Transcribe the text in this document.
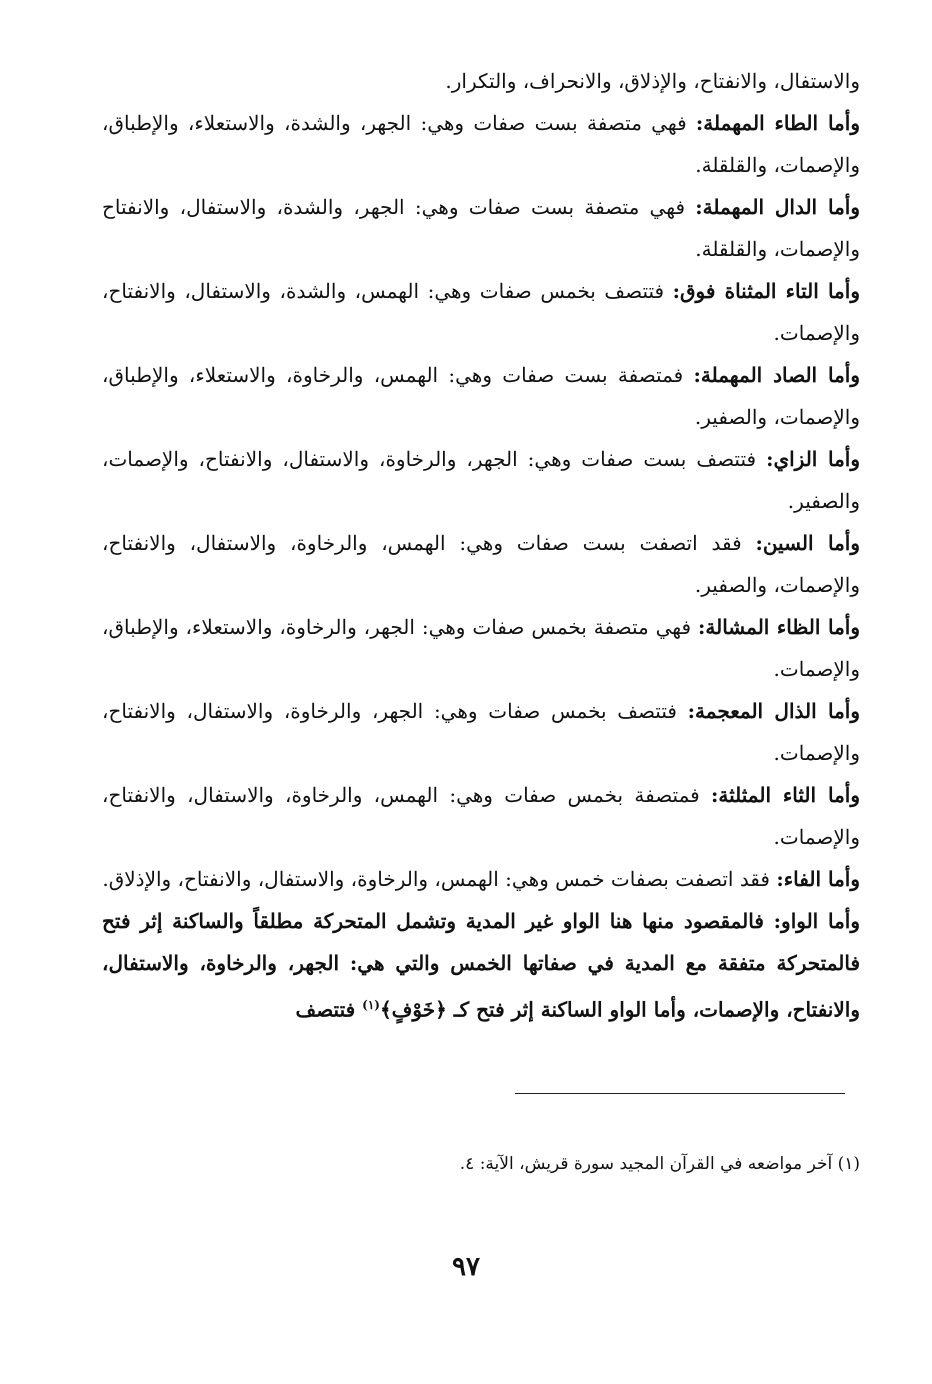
والاستفال، والانفتاح، والإذلاق، والانحراف، والتكرار.

وأما الطاء المهملة: فهي متصفة بست صفات وهي: الجهر، والشدة، والاستعلاء، والإطباق، والإصمات، والقلقلة.

وأما الدال المهملة: فهي متصفة بست صفات وهي: الجهر، والشدة، والاستفال، والانفتاح والإصمات، والقلقلة.

وأما التاء المثناة فوق: فتتصف بخمس صفات وهي: الهمس، والشدة، والاستفال، والانفتاح، والإصمات.

وأما الصاد المهملة: فمتصفة بست صفات وهي: الهمس، والرخاوة، والاستعلاء، والإطباق، والإصمات، والصفير.

وأما الزاي: فتتصف بست صفات وهي: الجهر، والرخاوة، والاستفال، والانفتاح، والإصمات، والصفير.

وأما السين: فقد اتصفت بست صفات وهي: الهمس، والرخاوة، والاستفال، والانفتاح، والإصمات، والصفير.

وأما الظاء المشالة: فهي متصفة بخمس صفات وهي: الجهر، والرخاوة، والاستعلاء، والإطباق، والإصمات.

وأما الذال المعجمة: فتتصف بخمس صفات وهي: الجهر، والرخاوة، والاستفال، والانفتاح، والإصمات.

وأما الثاء المثلثة: فمتصفة بخمس صفات وهي: الهمس، والرخاوة، والاستفال، والانفتاح، والإصمات.

وأما الفاء: فقد اتصفت بصفات خمس وهي: الهمس، والرخاوة، والاستفال، والانفتاح، والإذلاق.

وأما الواو: فالمقصود منها هنا الواو غير المدية وتشمل المتحركة مطلقاً والساكنة إثر فتح فالمتحركة متفقة مع المدية في صفاتها الخمس والتي هي: الجهر، والرخاوة، والاستفال، والانفتاح، والإصمات، وأما الواو الساكنة إثر فتح كـ ﴿خَوْفٍ﴾$^{(١)}$ فتتصف

(١) آخر مواضعه في القرآن المجيد سورة قريش، الآية: ٤.
٩٧
